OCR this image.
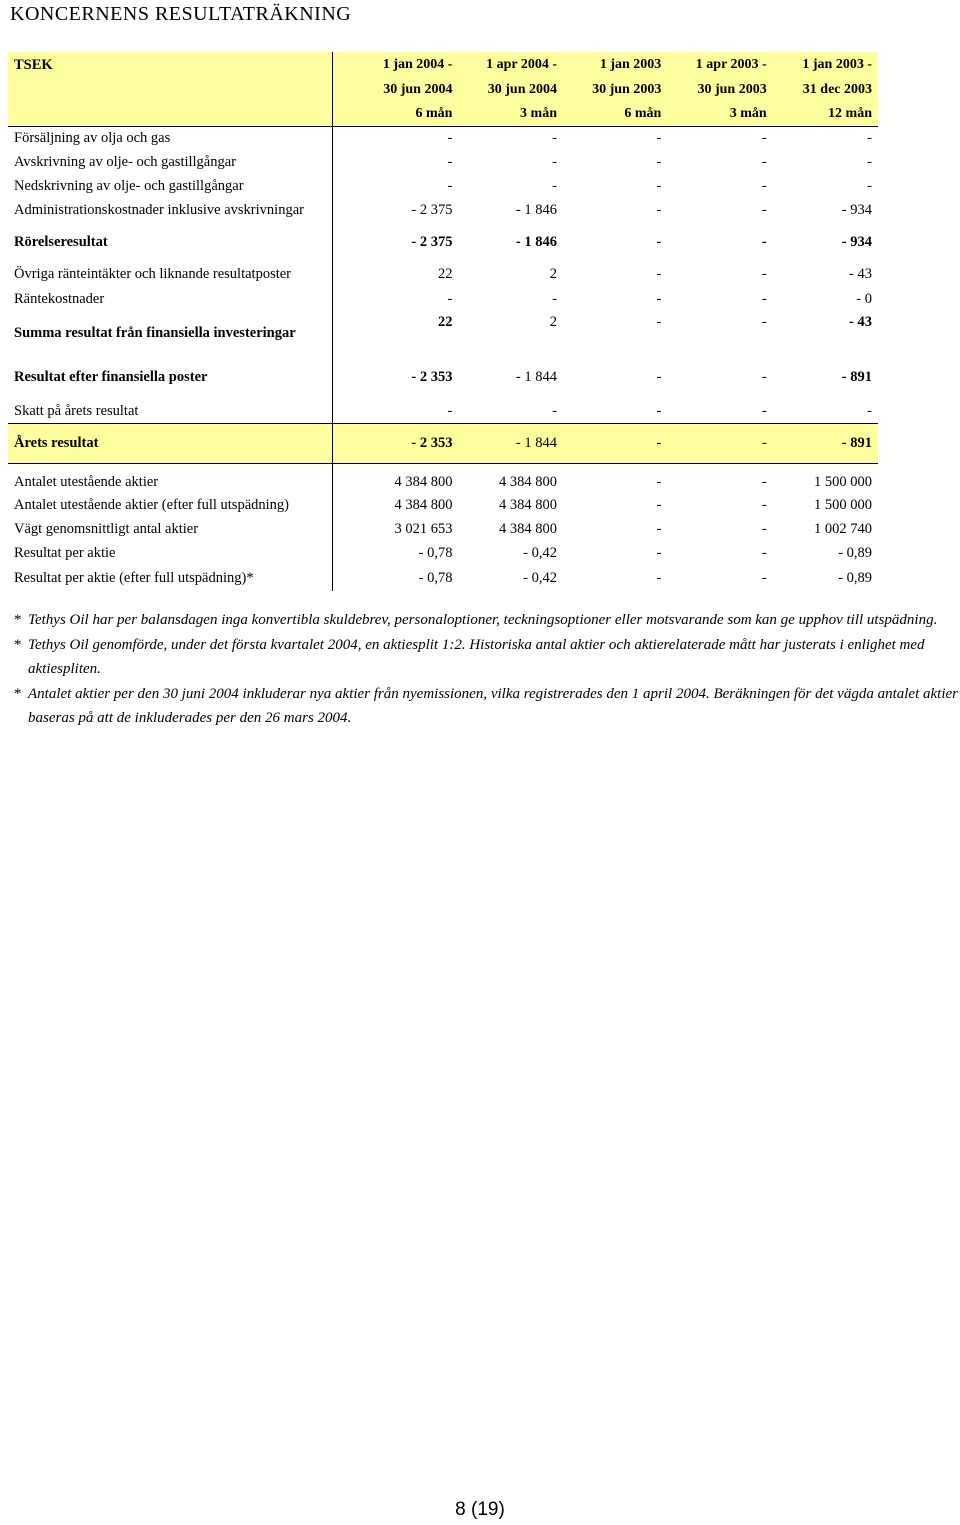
KONCERNENS RESULTATRÄKNING
TSEK	1 jan 2004 -	1 apr 2004 -	1 jan 2003	1 apr 2003 -	1 jan 2003 -
	30 jun 2004	30 jun 2004	30 jun 2003	30 jun 2003	31 dec 2003
	6 mån	3 mån	6 mån	3 mån	12 mån
Försäljning av olja och gas	-	-	-	-	-
Avskrivning av olje- och gastillgångar	-	-	-	-	-
Nedskrivning av olje- och gastillgångar	-	-	-	-	-
Administrationskostnader inklusive avskrivningar	- 2 375	- 1 846	-	-	- 934
Rörelseresultat	- 2 375	- 1 846	-	-	- 934
Övriga ränteintäkter och liknande resultatposter	22	2	-	-	- 43
Räntekostnader	-	-	-	-	- 0
Summa resultat från finansiella investeringar	22	2	-	-	- 43
Resultat efter finansiella poster	- 2 353	- 1 844	-	-	- 891
Skatt på årets resultat	-	-	-	-	-
Årets resultat	- 2 353	- 1 844	-	-	- 891
Antalet utestående aktier	4 384 800	4 384 800	-	-	1 500 000
Antalet utestående aktier (efter full utspädning)	4 384 800	4 384 800	-	-	1 500 000
Vägt genomsnittligt antal aktier	3 021 653	4 384 800	-	-	1 002 740
Resultat per aktie	- 0,78	- 0,42	-	-	- 0,89
Resultat per aktie (efter full utspädning)*	- 0,78	- 0,42	-	-	- 0,89
* Tethys Oil har per balansdagen inga konvertibla skuldebrev, personaloptioner, teckningsoptioner eller motsvarande som kan ge upphov till utspädning.
* Tethys Oil genomförde, under det första kvartalet 2004, en aktiesplit 1:2. Historiska antal aktier och aktierelaterade mått har justerats i enlighet med aktiespliten.
* Antalet aktier per den 30 juni 2004 inkluderar nya aktier från nyemissionen, vilka registrerades den 1 april 2004. Beräkningen för det vägda antalet aktier baseras på att de inkluderades per den 26 mars 2004.
8 (19)
